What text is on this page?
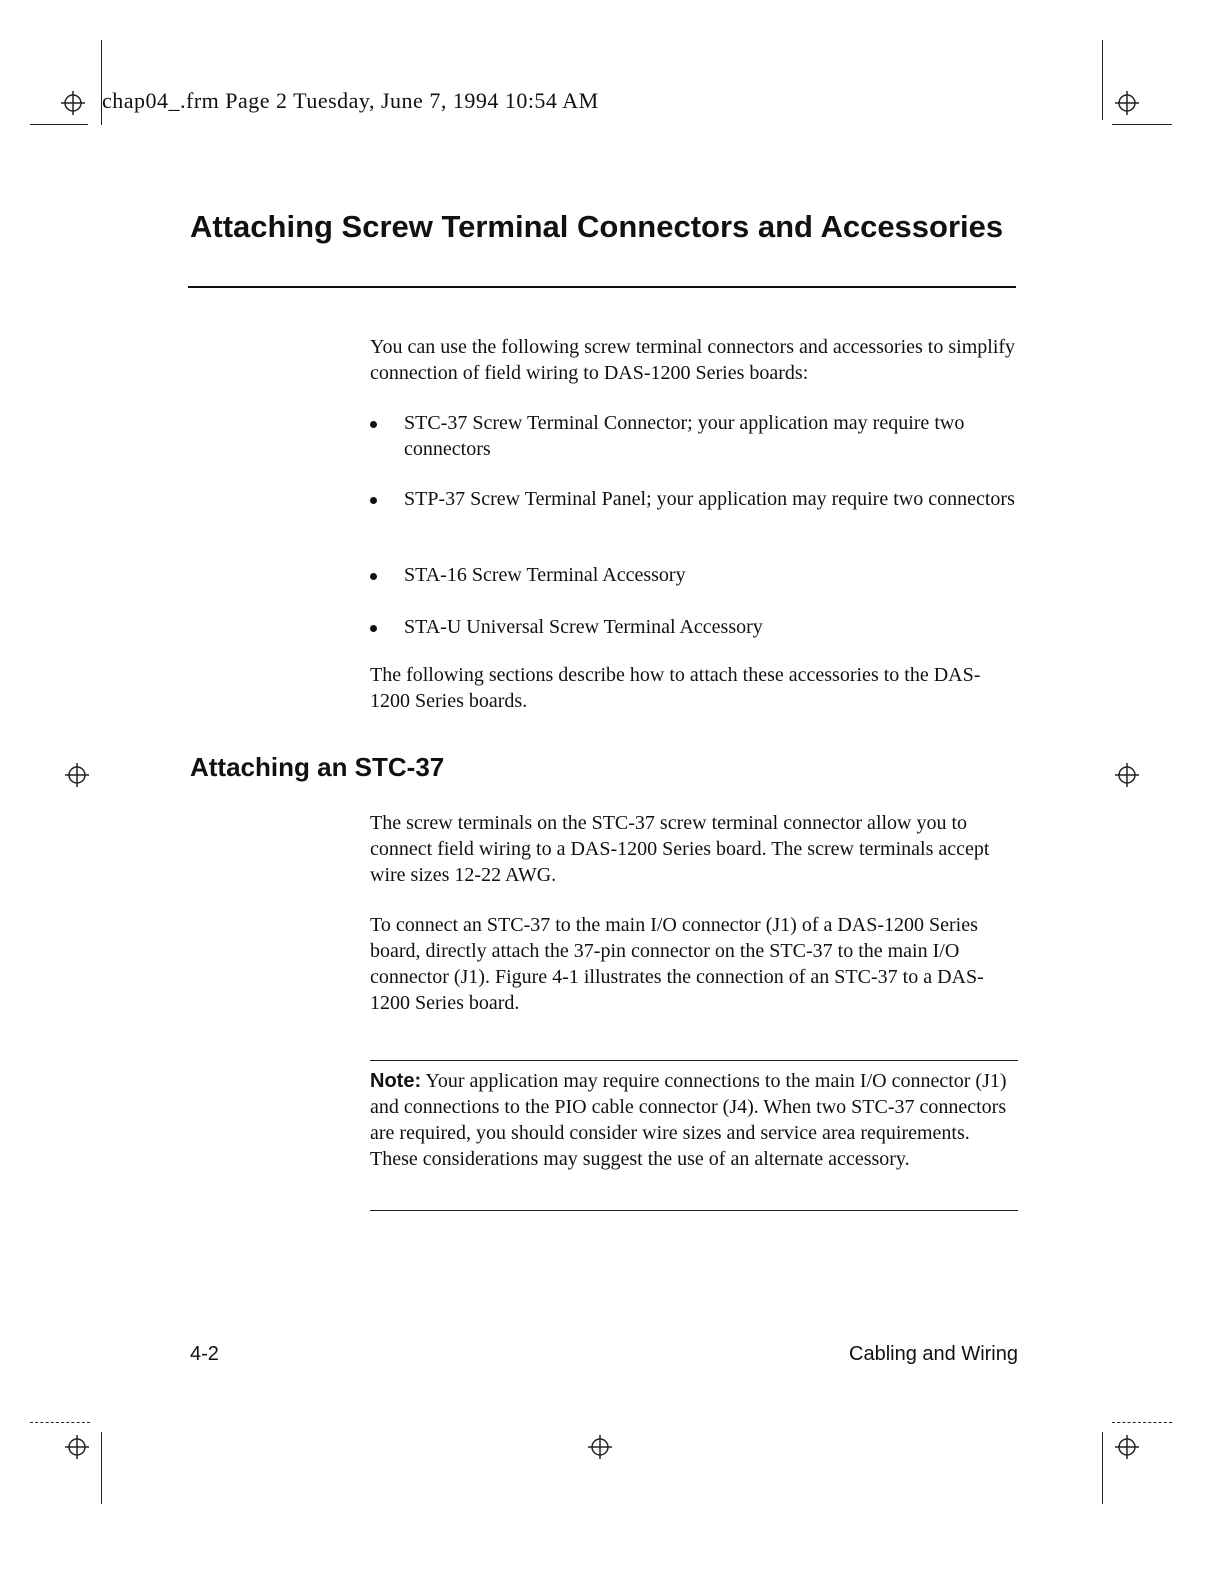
chap04_.frm Page 2 Tuesday, June 7, 1994 10:54 AM
Attaching Screw Terminal Connectors and Accessories

You can use the following screw terminal connectors and accessories to simplify connection of field wiring to DAS-1200 Series boards:

STC-37 Screw Terminal Connector; your application may require two connectors
STP-37 Screw Terminal Panel; your application may require two connectors
STA-16 Screw Terminal Accessory
STA-U Universal Screw Terminal Accessory

The following sections describe how to attach these accessories to the DAS-1200 Series boards.

Attaching an STC-37

The screw terminals on the STC-37 screw terminal connector allow you to connect field wiring to a DAS-1200 Series board. The screw terminals accept wire sizes 12-22 AWG.

To connect an STC-37 to the main I/O connector (J1) of a DAS-1200 Series board, directly attach the 37-pin connector on the STC-37 to the main I/O connector (J1). Figure 4-1 illustrates the connection of an STC-37 to a DAS-1200 Series board.

Note: Your application may require connections to the main I/O connector (J1) and connections to the PIO cable connector (J4). When two STC-37 connectors are required, you should consider wire sizes and service area requirements. These considerations may suggest the use of an alternate accessory.

4-2	Cabling and Wiring
